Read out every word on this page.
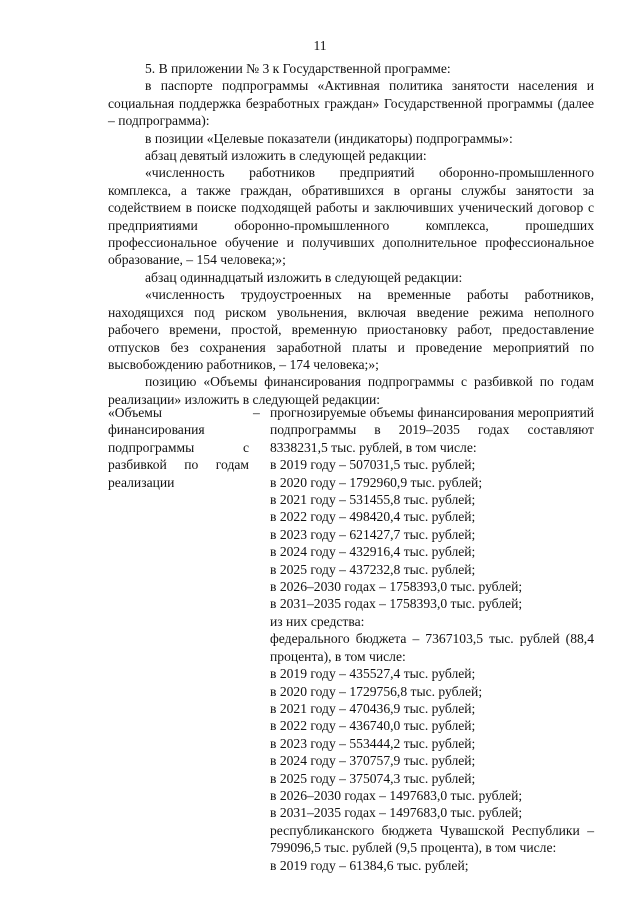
11

5. В приложении № 3 к Государственной программе:

в паспорте подпрограммы «Активная политика занятости населения и социальная поддержка безработных граждан» Государственной программы (далее – подпрограмма):

в позиции «Целевые показатели (индикаторы) подпрограммы»:

абзац девятый изложить в следующей редакции:

«численность работников предприятий оборонно-промышленного комплекса, а также граждан, обратившихся в органы службы занятости за содействием в поиске подходящей работы и заключивших ученический договор с предприятиями оборонно-промышленного комплекса, прошедших профессиональное обучение и получивших дополнительное профессиональное образование, – 154 человека;»;

абзац одиннадцатый изложить в следующей редакции:

«численность трудоустроенных на временные работы работников, находящихся под риском увольнения, включая введение режима неполного рабочего времени, простой, временную приостановку работ, предоставление отпусков без сохранения заработной платы и проведение мероприятий по высвобождению работников, – 174 человека;»;

позицию «Объемы финансирования подпрограммы с разбивкой по годам реализации» изложить в следующей редакции:

«Объемы финансирования подпрограммы с разбивкой по годам реализации
– прогнозируемые объемы финансирования мероприятий подпрограммы в 2019–2035 годах составляют 8338231,5 тыс. рублей, в том числе:

в 2019 году – 507031,5 тыс. рублей;

в 2020 году – 1792960,9 тыс. рублей;

в 2021 году – 531455,8 тыс. рублей;

в 2022 году – 498420,4 тыс. рублей;

в 2023 году – 621427,7 тыс. рублей;

в 2024 году – 432916,4 тыс. рублей;

в 2025 году – 437232,8 тыс. рублей;

в 2026–2030 годах – 1758393,0 тыс. рублей;

в 2031–2035 годах – 1758393,0 тыс. рублей;

из них средства:

федерального бюджета – 7367103,5 тыс. рублей (88,4 процента), в том числе:

в 2019 году – 435527,4 тыс. рублей;

в 2020 году – 1729756,8 тыс. рублей;

в 2021 году – 470436,9 тыс. рублей;

в 2022 году – 436740,0 тыс. рублей;

в 2023 году – 553444,2 тыс. рублей;

в 2024 году – 370757,9 тыс. рублей;

в 2025 году – 375074,3 тыс. рублей;

в 2026–2030 годах – 1497683,0 тыс. рублей;

в 2031–2035 годах – 1497683,0 тыс. рублей;

республиканского бюджета Чувашской Республики – 799096,5 тыс. рублей (9,5 процента), в том числе:

в 2019 году – 61384,6 тыс. рублей;
